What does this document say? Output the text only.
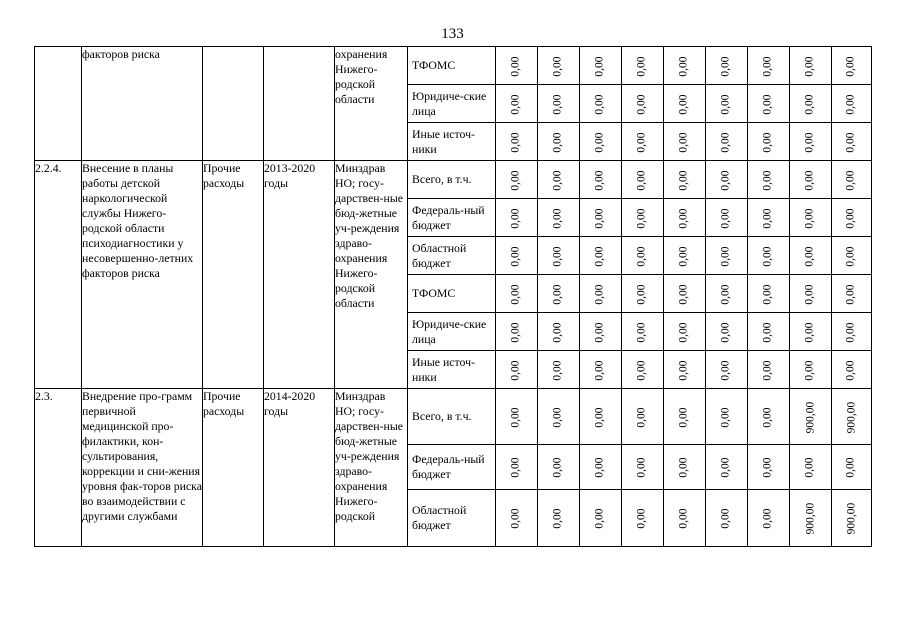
133
	факторов риска			охранения Нижего-родской области	ТФОМС	0,00	0,00	0,00	0,00	0,00	0,00	0,00	0,00	0,00
					Юридиче-ские лица	0,00	0,00	0,00	0,00	0,00	0,00	0,00	0,00	0,00
					Иные источ-ники	0,00	0,00	0,00	0,00	0,00	0,00	0,00	0,00	0,00
2.2.4.	Внесение в планы работы детской наркологической службы Нижего-родской области психодиагностики у несовершенно-летних факторов риска	Прочие расходы	2013-2020 годы	Минздрав НО; госу-дарствен-ные бюд-жетные уч-реждения здраво-охранения Нижего-родской области	Всего, в т.ч.	0,00	0,00	0,00	0,00	0,00	0,00	0,00	0,00	0,00
					Федераль-ный бюджет	0,00	0,00	0,00	0,00	0,00	0,00	0,00	0,00	0,00
					Областной бюджет	0,00	0,00	0,00	0,00	0,00	0,00	0,00	0,00	0,00
					ТФОМС	0,00	0,00	0,00	0,00	0,00	0,00	0,00	0,00	0,00
					Юридиче-ские лица	0,00	0,00	0,00	0,00	0,00	0,00	0,00	0,00	0,00
					Иные источ-ники	0,00	0,00	0,00	0,00	0,00	0,00	0,00	0,00	0,00
2.3.	Внедрение про-грамм первичной медицинской про-филактики, кон-сультирования, коррекции и сни-жения уровня фак-торов риска во взаимодействии с другими службами	Прочие расходы	2014-2020 годы	Минздрав НО; госу-дарствен-ные бюд-жетные уч-реждения здраво-охранения Нижего-родской	Всего, в т.ч.	0,00	0,00	0,00	0,00	0,00	0,00	0,00	900,00	900,00
					Федераль-ный бюджет	0,00	0,00	0,00	0,00	0,00	0,00	0,00	0,00	0,00
					Областной бюджет	0,00	0,00	0,00	0,00	0,00	0,00	0,00	900,00	900,00
